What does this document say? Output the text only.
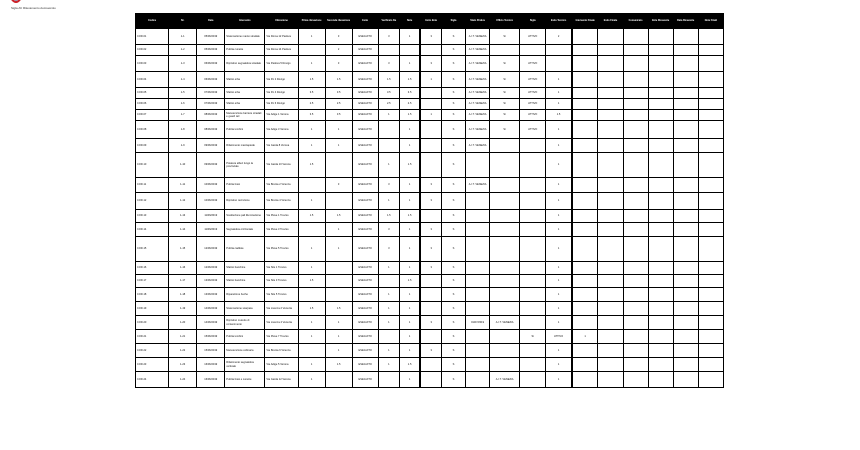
Sigla AV Rilevamento Autoveicolo
Codice	Nr.	Data	Intervento	Ubicazione	Prima rilevazione	Seconda rilevazione	Esito	Verificato Da	Note	Esito Ente	Sigla	Stato Pratica	Ufficio Tecnico	Sigla	Esito Tecnico	Intervento Finale	Esito Finale	Comunicato	Ente Ricevente	Data Ricevente	Note Finali
COD.01	1-1	05/06/2019	Sistemazione manto stradale	Via Roma 12 Padova	1	3	ESEGUITO	3	1	3	S	A.I.T. VENEZIA	Sì	ATTIVO	2						
COD.02	1-2	05/06/2019	Pulizia cunette	Via Roma 14 Padova		2	ESEGUITO				S	A.I.T. VENEZIA									
COD.03	1-3	06/06/2019	Ripristino segnaletica stradale	Via Padova 5 Rovigo	1	3	ESEGUITO	3	1	3	S	A.I.T. VENEZIA	Sì	ATTIVO							
COD.04	1-4	06/06/2019	Sfalcio erba	Via Po 2 Rovigo	1.5	1.5	ESEGUITO	1.5	1.5	1	S	A.I.T. VENEZIA	Sì	ATTIVO	1						
COD.05	1-5	07/06/2019	Sfalcio erba	Via Po 4 Rovigo	3.5	3.5	ESEGUITO	3.5	3.5		S	A.I.T. VENEZIA	Sì	ATTIVO	1						
COD.06	1-6	07/06/2019	Sfalcio erba	Via Po 6 Rovigo	2.5	2.5	ESEGUITO	2.5	2.5		S	A.I.T. VENEZIA	Sì	ATTIVO	1						
COD.07	1-7	08/06/2019	Manutenzione barriere stradali e guard rail	Via Adige 1 Verona	3.5	3.5	ESEGUITO	1	1.5	1	S	A.I.T. VENEZIA	Sì	ATTIVO	1.5						
COD.08	1-8	08/06/2019	Pulizia tombini	Via Adige 3 Verona	1	1	ESEGUITO		1		S	A.I.T. VENEZIA	Sì	ATTIVO	1						
COD.09	1-9	09/06/2019	Rifacimento marciapiede	Via Garda 8 Verona	1	1	ESEGUITO		1		S	A.I.T. VENEZIA			1						
COD.10	1-10	09/06/2019	Potatura alberi lungo la provinciale	Via Garda 10 Verona	1.5		ESEGUITO	1	1.5		S				1						
COD.11	1-11	10/06/2019	Pulizia fossi	Via Brenta 2 Vicenza		3	ESEGUITO	3	1	3	S	A.I.T. VENEZIA			1						
COD.12	1-12	10/06/2019	Ripristino recinzione	Via Brenta 4 Vicenza	1		ESEGUITO	1	1	3	S				1						
COD.13	1-13	11/06/2019	Sostituzione pali illuminazione	Via Piave 1 Treviso	1.5	1.5	ESEGUITO	1.5	1.5		S				1						
COD.14	1-14	11/06/2019	Segnaletica orizzontale	Via Piave 3 Treviso		1	ESEGUITO	3	1	3	S				1						
COD.15	1-15	12/06/2019	Pulizia caditoie	Via Piave 5 Treviso	1	1	ESEGUITO	3	1	3	S				1						
COD.16	1-16	12/06/2019	Sfalcio banchine	Via Sile 1 Treviso	1		ESEGUITO	1	1	3	S				1						
COD.17	1-17	13/06/2019	Sfalcio banchine	Via Sile 3 Treviso	1.5		ESEGUITO		1.5		S				1						
COD.18	1-18	13/06/2019	Riparazione buche	Via Sile 5 Treviso			ESEGUITO	1	1		S				1						
COD.19	1-19	14/06/2019	Sistemazione scarpata	Via Livenza 2 Venezia	1.5	1.5	ESEGUITO	1	1		S				1						
COD.20	1-20	14/06/2019	Ripristino muretto di contenimento	Via Livenza 4 Venezia	1	1	ESEGUITO	1	1	3	S	01/07/2019	A.I.T. VENEZIA		1						
COD.21	1-21	15/06/2019	Pulizia tombini	Via Piave 7 Treviso	1	1	ESEGUITO		1		S			Sì	ATTIVO	1					
COD.22	1-22	15/06/2019	Manutenzione ordinaria	Via Brenta 6 Vicenza		1	ESEGUITO	1	1	3	S				1						
COD.23	1-23	16/06/2019	Rifacimento segnaletica verticale	Via Adige 5 Verona	1	1.5	ESEGUITO	1	1.5		S				1						
COD.24	1-24	16/06/2019	Pulizia fossi e cunette	Via Garda 12 Verona	1		ESEGUITO		1		S		A.I.T. VENEZIA		1						
